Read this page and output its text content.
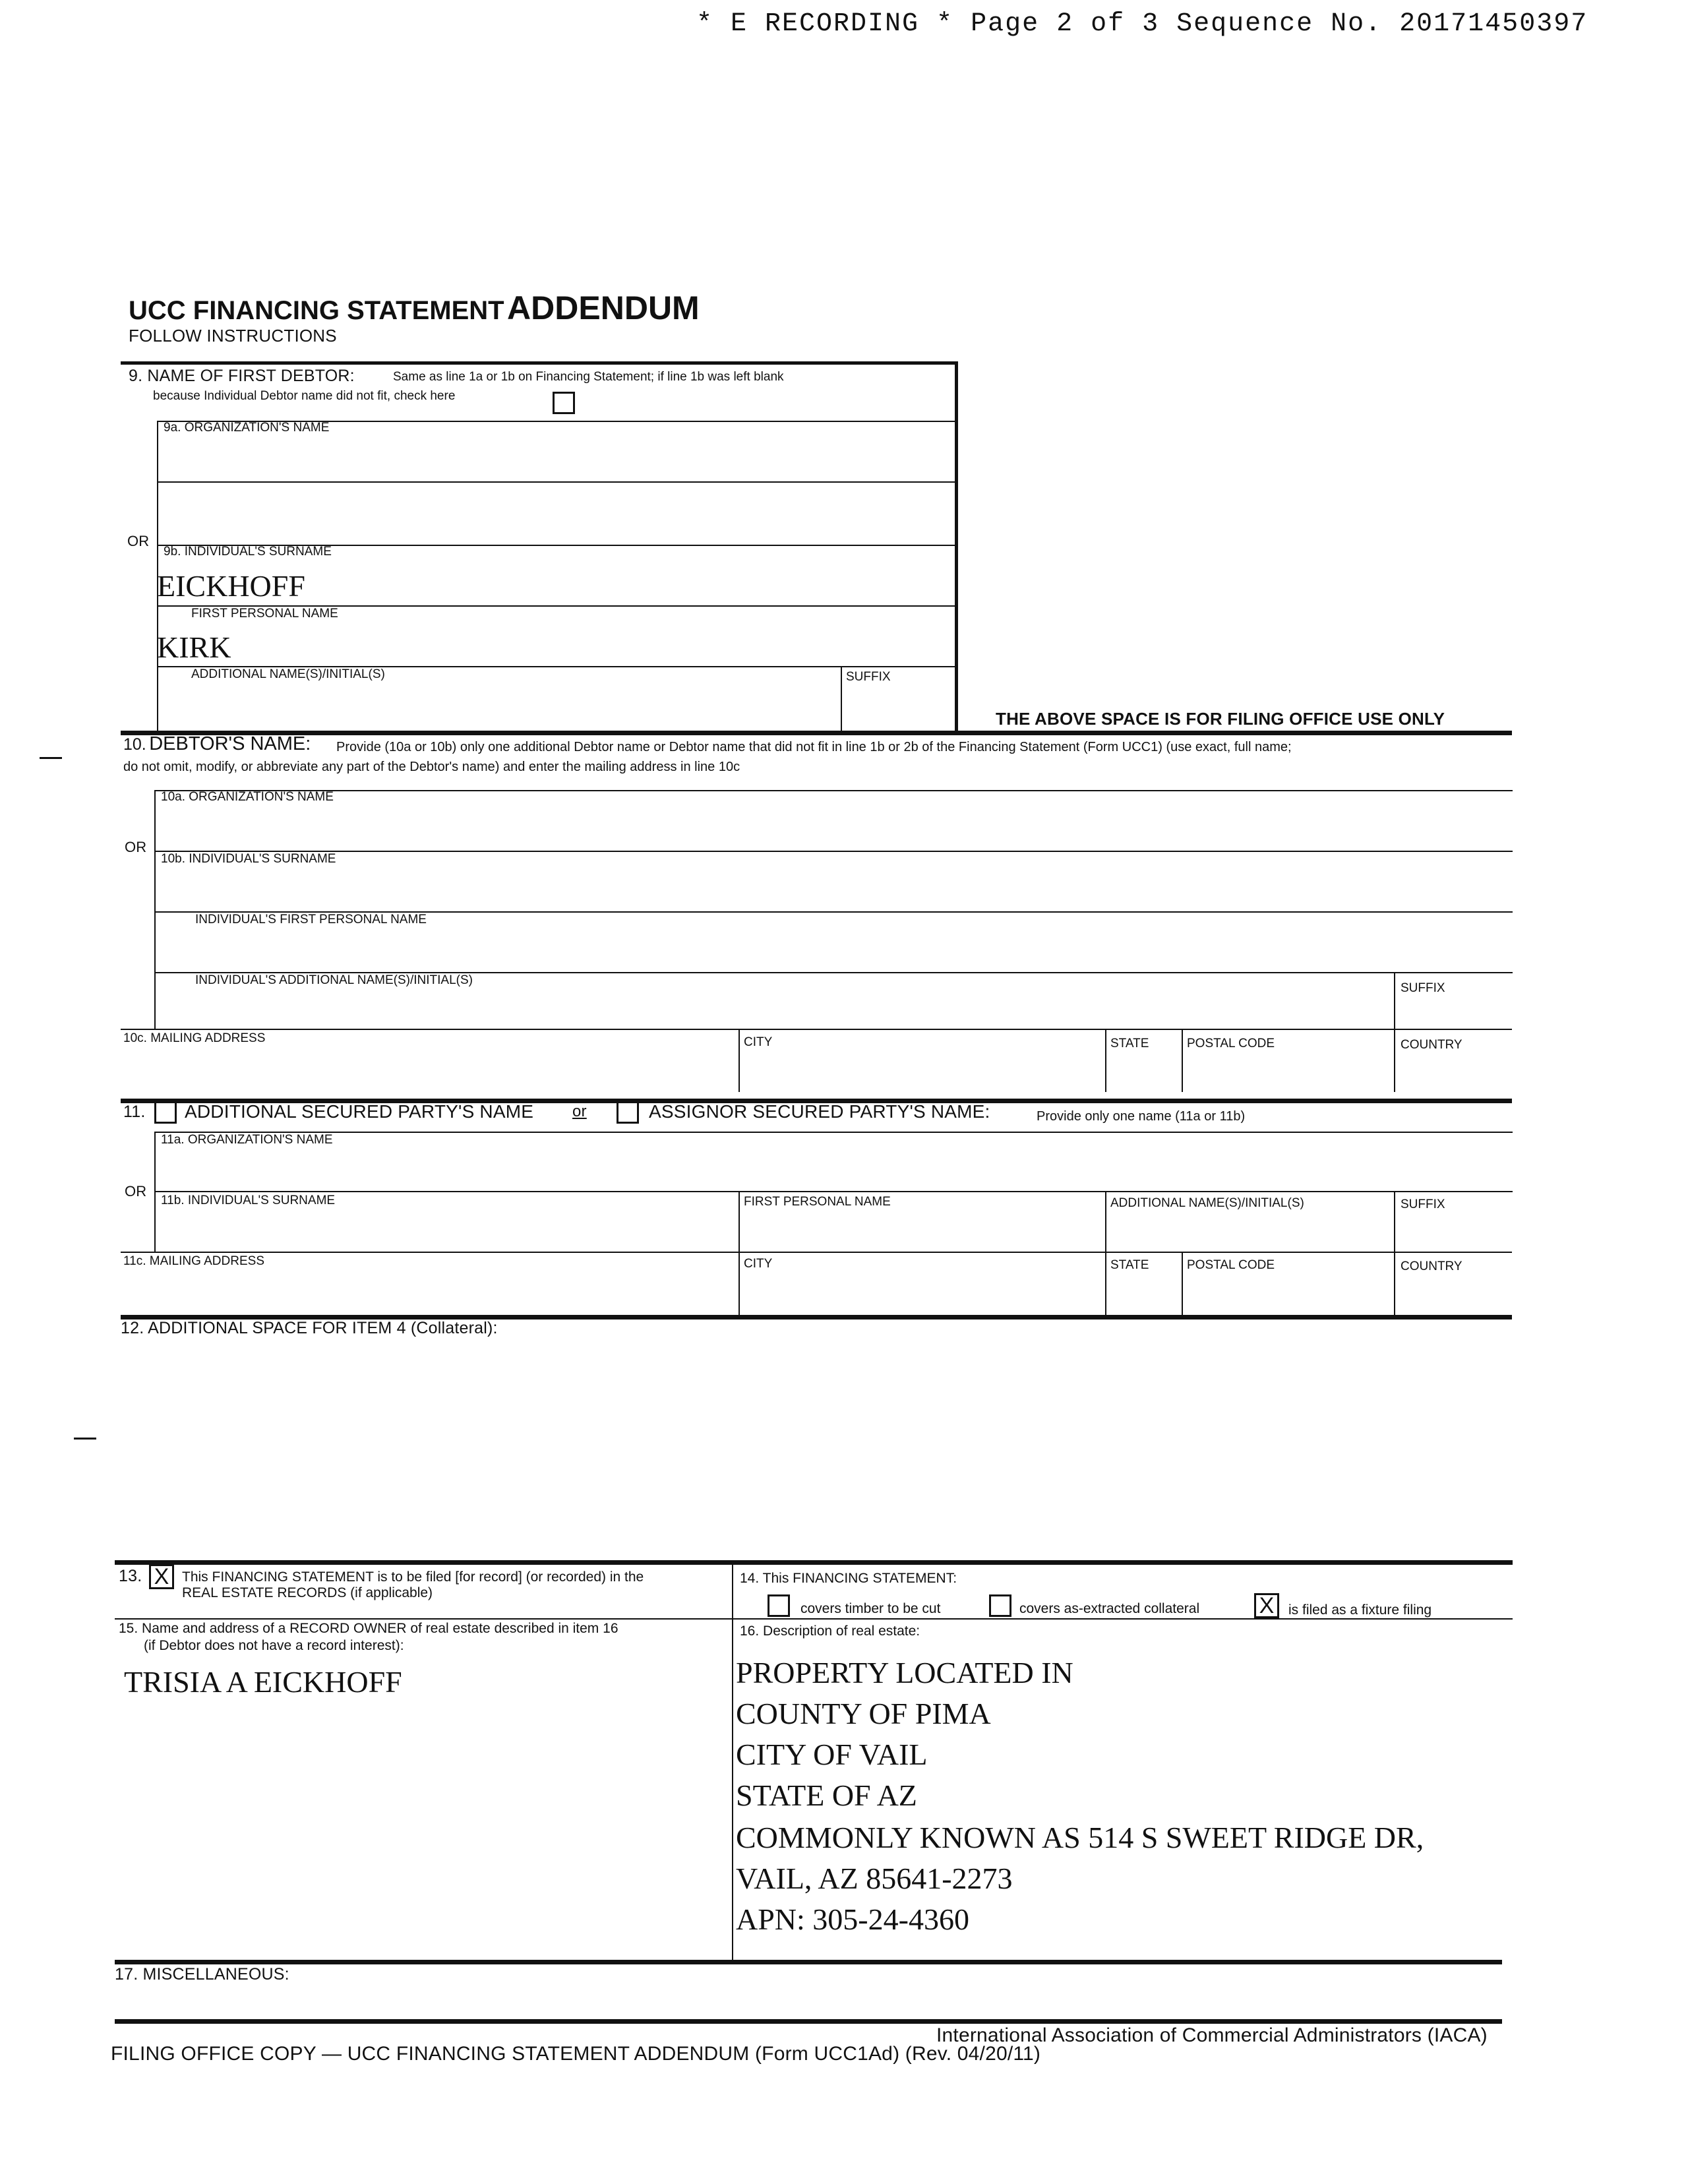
* E RECORDING * Page 2 of 3 Sequence No. 20171450397
UCC FINANCING STATEMENT ADDENDUM
FOLLOW INSTRUCTIONS
9. NAME OF FIRST DEBTOR:	Same as line 1a or 1b on Financing Statement; if line 1b was left blank
because Individual Debtor name did not fit, check here
9a. ORGANIZATION'S NAME
OR
9b. INDIVIDUAL'S SURNAME
EICKHOFF
FIRST PERSONAL NAME
KIRK
ADDITIONAL NAME(S)/INITIAL(S)	SUFFIX
THE ABOVE SPACE IS FOR FILING OFFICE USE ONLY
10. DEBTOR'S NAME: Provide (10a or 10b) only one additional Debtor name or Debtor name that did not fit in line 1b or 2b of the Financing Statement (Form UCC1) (use exact, full name;
do not omit, modify, or abbreviate any part of the Debtor's name) and enter the mailing address in line 10c
10a. ORGANIZATION'S NAME
OR
10b. INDIVIDUAL'S SURNAME
INDIVIDUAL'S FIRST PERSONAL NAME
INDIVIDUAL'S ADDITIONAL NAME(S)/INITIAL(S)
SUFFIX
10c. MAILING ADDRESS	CITY	STATE	POSTAL CODE	COUNTRY
11. ADDITIONAL SECURED PARTY'S NAME or	ASSIGNOR SECURED PARTY'S NAME:	Provide only one name (11a or 11b)
11a. ORGANIZATION'S NAME
OR
11b. INDIVIDUAL'S SURNAME	FIRST PERSONAL NAME	ADDITIONAL NAME(S)/INITIAL(S)	SUFFIX
11c. MAILING ADDRESS	CITY	STATE	POSTAL CODE	COUNTRY
12. ADDITIONAL SPACE FOR ITEM 4 (Collateral):
13. X This FINANCING STATEMENT is to be filed [for record] (or recorded) in the
REAL ESTATE RECORDS (if applicable)
14. This FINANCING STATEMENT:
covers timber to be cut	covers as-extracted collateral	X	is filed as a fixture filing
15. Name and address of a RECORD OWNER of real estate described in item 16
(if Debtor does not have a record interest):
TRISIA A EICKHOFF
16. Description of real estate:
PROPERTY LOCATED IN
COUNTY OF PIMA
CITY OF VAIL
STATE OF AZ
COMMONLY KNOWN AS 514 S SWEET RIDGE DR,
VAIL, AZ 85641-2273
APN: 305-24-4360
17. MISCELLANEOUS:
International Association of Commercial Administrators (IACA)
FILING OFFICE COPY — UCC FINANCING STATEMENT ADDENDUM (Form UCC1Ad) (Rev. 04/20/11)
